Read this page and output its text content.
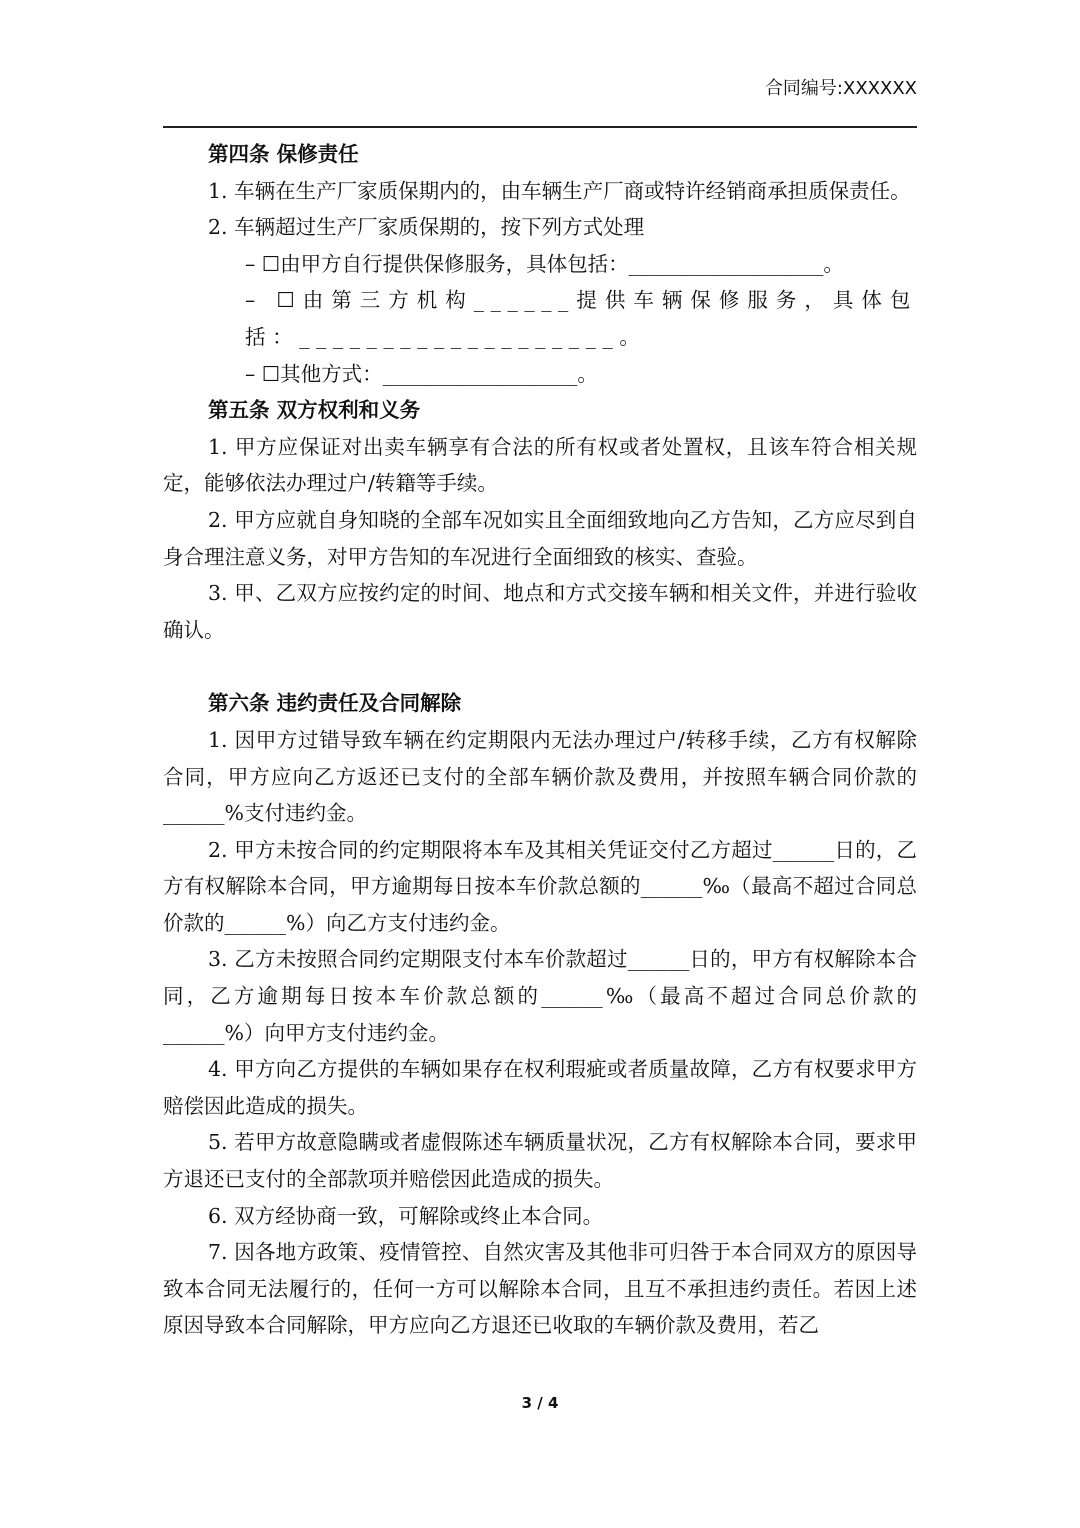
合同编号:XXXXXX

第四条 保修责任

1. 车辆在生产厂家质保期内的，由车辆生产厂商或特许经销商承担质保责任。

2. 车辆超过生产厂家质保期的，按下列方式处理

– ☐由甲方自行提供保修服务，具体包括：___________________。

– ☐由第三方机构______提供车辆保修服务，具体包括：___________________。

– ☐其他方式：___________________。

第五条 双方权利和义务

1. 甲方应保证对出卖车辆享有合法的所有权或者处置权，且该车符合相关规定，能够依法办理过户/转籍等手续。

2. 甲方应就自身知晓的全部车况如实且全面细致地向乙方告知，乙方应尽到自身合理注意义务，对甲方告知的车况进行全面细致的核实、查验。

3. 甲、乙双方应按约定的时间、地点和方式交接车辆和相关文件，并进行验收确认。

第六条 违约责任及合同解除

1. 因甲方过错导致车辆在约定期限内无法办理过户/转移手续，乙方有权解除合同，甲方应向乙方返还已支付的全部车辆价款及费用，并按照车辆合同价款的______%支付违约金。

2. 甲方未按合同的约定期限将本车及其相关凭证交付乙方超过______日的，乙方有权解除本合同，甲方逾期每日按本车价款总额的______‰（最高不超过合同总价款的______%）向乙方支付违约金。

3. 乙方未按照合同约定期限支付本车价款超过______日的，甲方有权解除本合同，乙方逾期每日按本车价款总额的______‰（最高不超过合同总价款的______%）向甲方支付违约金。

4. 甲方向乙方提供的车辆如果存在权利瑕疵或者质量故障，乙方有权要求甲方赔偿因此造成的损失。

5. 若甲方故意隐瞒或者虚假陈述车辆质量状况，乙方有权解除本合同，要求甲方退还已支付的全部款项并赔偿因此造成的损失。

6. 双方经协商一致，可解除或终止本合同。

7. 因各地方政策、疫情管控、自然灾害及其他非可归咎于本合同双方的原因导致本合同无法履行的，任何一方可以解除本合同，且互不承担违约责任。若因上述原因导致本合同解除，甲方应向乙方退还已收取的车辆价款及费用，若乙

3 / 4
